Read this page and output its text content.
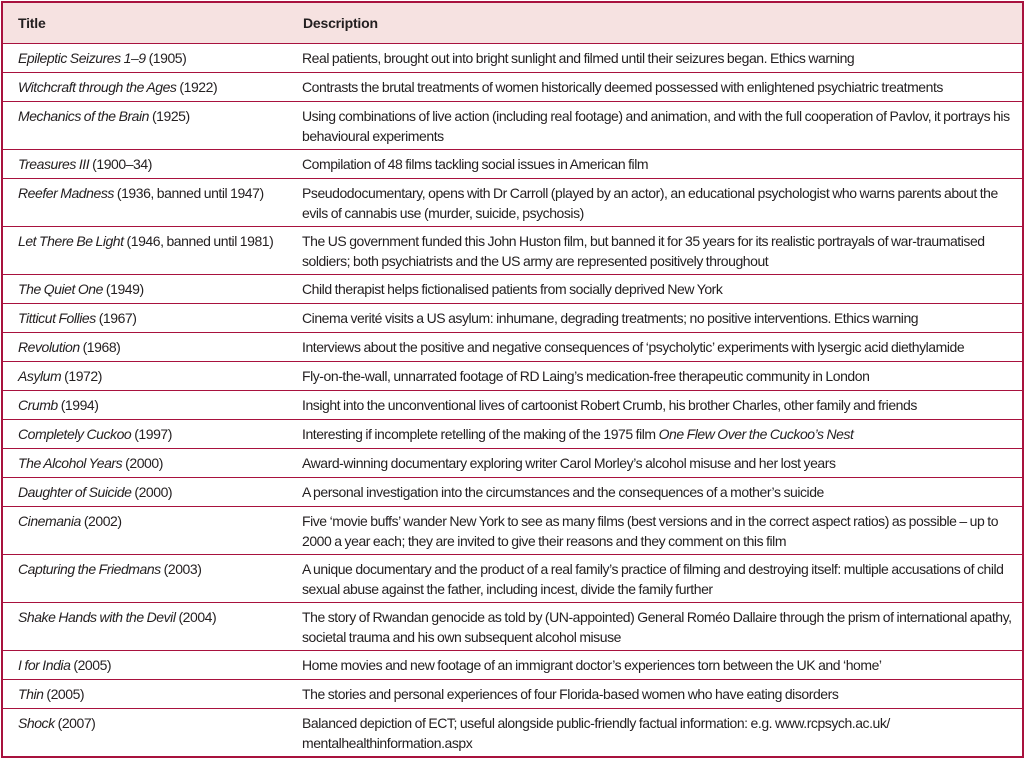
Title	Description
Epileptic Seizures 1–9 (1905)	Real patients, brought out into bright sunlight and filmed until their seizures began. Ethics warning
Witchcraft through the Ages (1922)	Contrasts the brutal treatments of women historically deemed possessed with enlightened psychiatric treatments
Mechanics of the Brain (1925)	Using combinations of live action (including real footage) and animation, and with the full cooperation of Pavlov, it portrays his behavioural experiments
Treasures III (1900–34)	Compilation of 48 films tackling social issues in American film
Reefer Madness (1936, banned until 1947)	Pseudodocumentary, opens with Dr Carroll (played by an actor), an educational psychologist who warns parents about the evils of cannabis use (murder, suicide, psychosis)
Let There Be Light (1946, banned until 1981)	The US government funded this John Huston film, but banned it for 35 years for its realistic portrayals of war-traumatised soldiers; both psychiatrists and the US army are represented positively throughout
The Quiet One (1949)	Child therapist helps fictionalised patients from socially deprived New York
Titticut Follies (1967)	Cinema verité visits a US asylum: inhumane, degrading treatments; no positive interventions. Ethics warning
Revolution (1968)	Interviews about the positive and negative consequences of ‘psycholytic’ experiments with lysergic acid diethylamide
Asylum (1972)	Fly-on-the-wall, unnarrated footage of RD Laing’s medication-free therapeutic community in London
Crumb (1994)	Insight into the unconventional lives of cartoonist Robert Crumb, his brother Charles, other family and friends
Completely Cuckoo (1997)	Interesting if incomplete retelling of the making of the 1975 film One Flew Over the Cuckoo’s Nest
The Alcohol Years (2000)	Award-winning documentary exploring writer Carol Morley’s alcohol misuse and her lost years
Daughter of Suicide (2000)	A personal investigation into the circumstances and the consequences of a mother’s suicide
Cinemania (2002)	Five ‘movie buffs’ wander New York to see as many films (best versions and in the correct aspect ratios) as possible – up to 2000 a year each; they are invited to give their reasons and they comment on this film
Capturing the Friedmans (2003)	A unique documentary and the product of a real family’s practice of filming and destroying itself: multiple accusations of child sexual abuse against the father, including incest, divide the family further
Shake Hands with the Devil (2004)	The story of Rwandan genocide as told by (UN-appointed) General Roméo Dallaire through the prism of international apathy, societal trauma and his own subsequent alcohol misuse
I for India (2005)	Home movies and new footage of an immigrant doctor’s experiences torn between the UK and ‘home’
Thin (2005)	The stories and personal experiences of four Florida-based women who have eating disorders
Shock (2007)	Balanced depiction of ECT; useful alongside public-friendly factual information: e.g. www.rcpsych.ac.uk/ mentalhealthinformation.aspx
